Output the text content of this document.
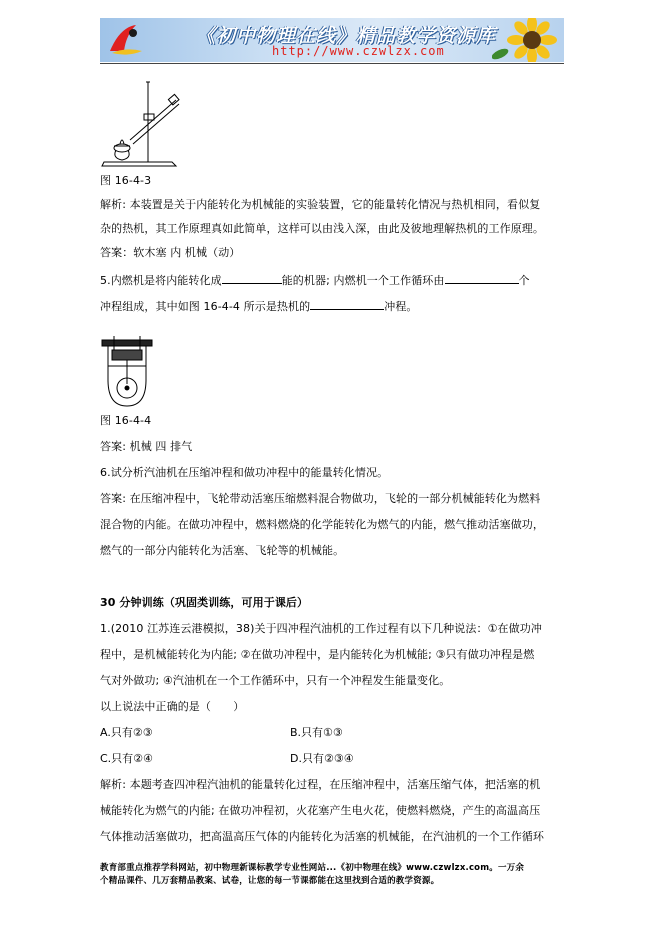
《初中物理在线》精品教学资源库
http://www.czwlzx.com
图 16-4-3
解析: 本装置是关于内能转化为机械能的实验装置，它的能量转化情况与热机相同，看似复
杂的热机，其工作原理真如此简单，这样可以由浅入深，由此及彼地理解热机的工作原理。
答案：软木塞 内 机械（动）
5.内燃机是将内能转化成	能的机器; 内燃机一个工作循环由	个
冲程组成，其中如图 16-4-4 所示是热机的	冲程。
图 16-4-4
答案: 机械 四 排气
6.试分析汽油机在压缩冲程和做功冲程中的能量转化情况。
答案: 在压缩冲程中，飞轮带动活塞压缩燃料混合物做功，飞轮的一部分机械能转化为燃料
混合物的内能。在做功冲程中，燃料燃烧的化学能转化为燃气的内能，燃气推动活塞做功，
燃气的一部分内能转化为活塞、飞轮等的机械能。
30 分钟训练（巩固类训练，可用于课后）
1.(2010 江苏连云港模拟，38)关于四冲程汽油机的工作过程有以下几种说法：①在做功冲
程中，是机械能转化为内能; ②在做功冲程中，是内能转化为机械能; ③只有做功冲程是燃
气对外做功; ④汽油机在一个工作循环中，只有一个冲程发生能量变化。
以上说法中正确的是（　　）
A.只有②③	B.只有①③
C.只有②④	D.只有②③④
解析: 本题考查四冲程汽油机的能量转化过程，在压缩冲程中，活塞压缩气体，把活塞的机
械能转化为燃气的内能; 在做功冲程初，火花塞产生电火花，使燃料燃烧，产生的高温高压
气体推动活塞做功，把高温高压气体的内能转化为活塞的机械能，在汽油机的一个工作循环
教育部重点推荐学科网站，初中物理新课标教学专业性网站...《初中物理在线》www.czwlzx.com。一万余
个精品课件、几万套精品教案、试卷，让您的每一节课都能在这里找到合适的教学资源。
